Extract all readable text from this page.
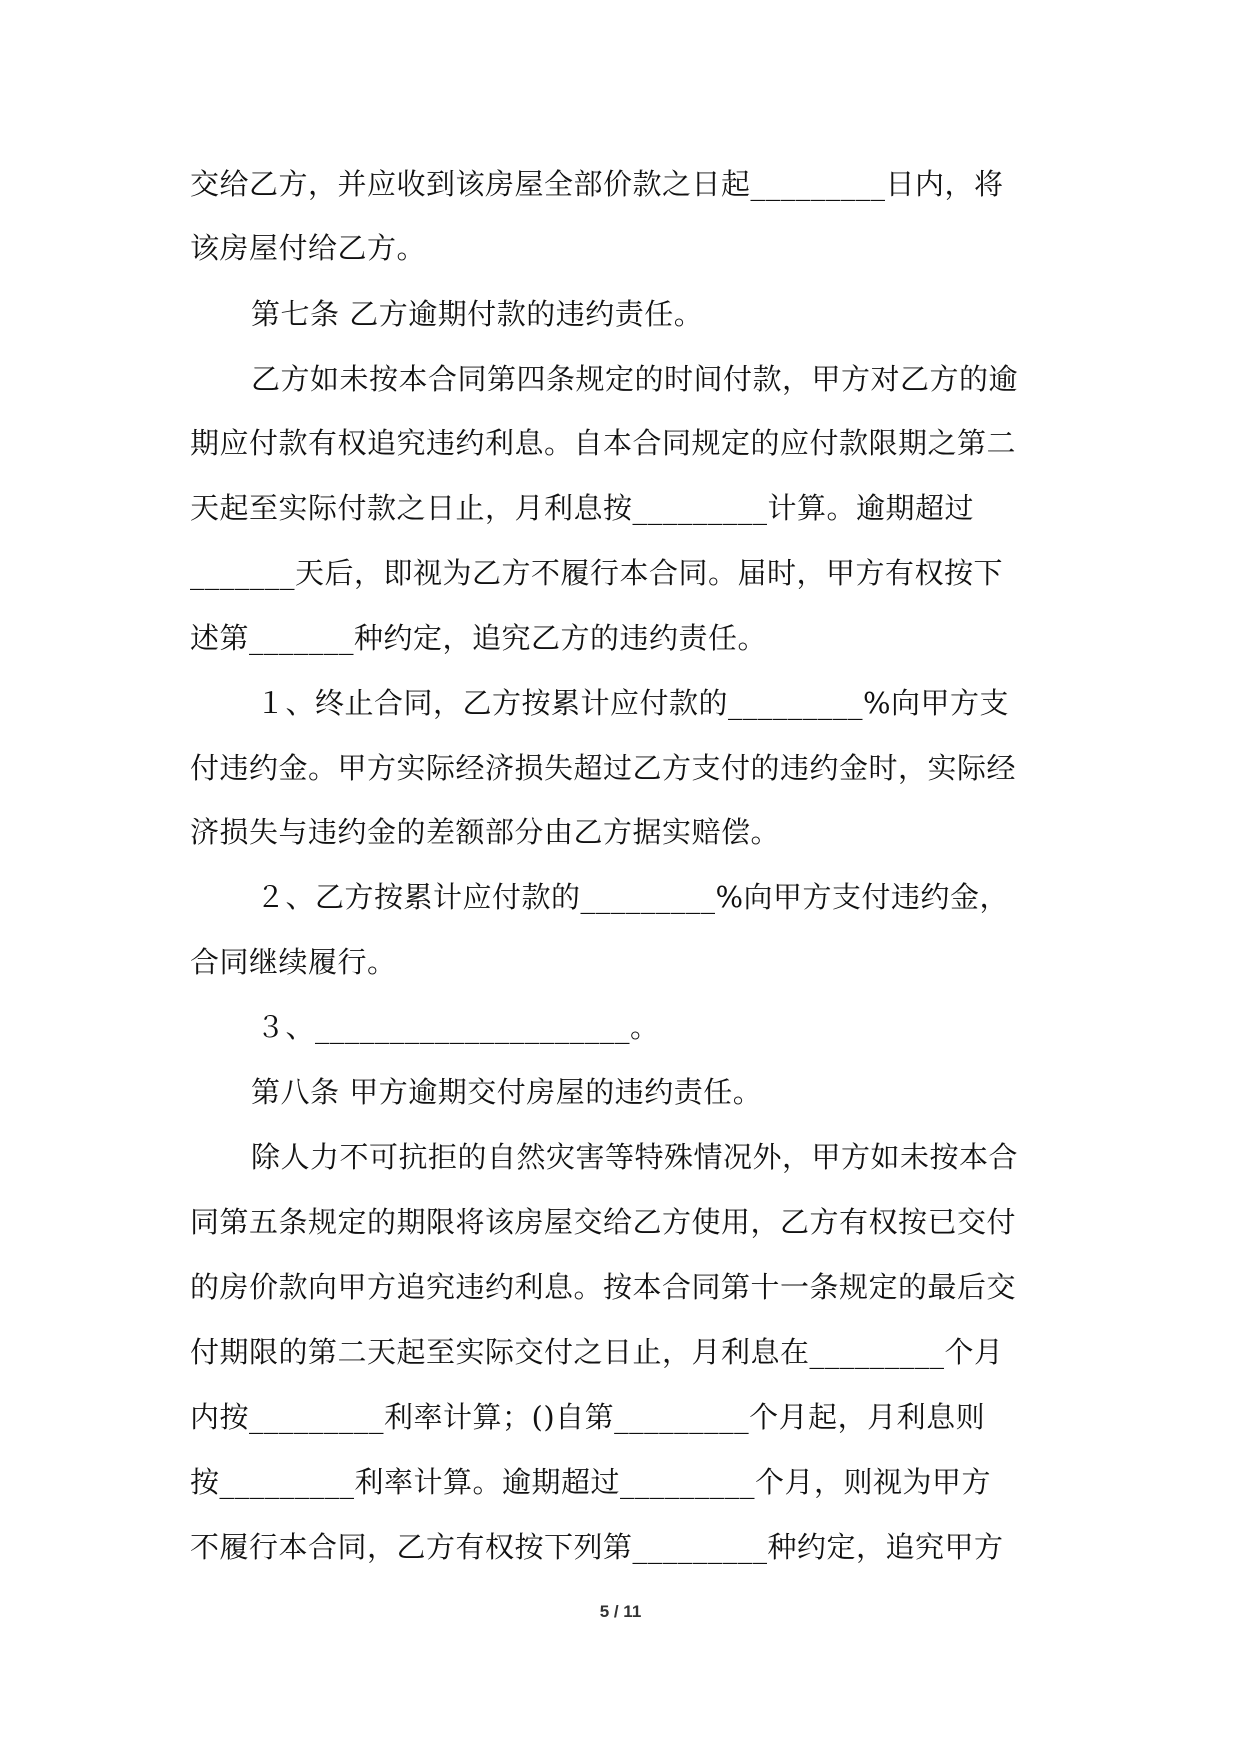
交给乙方，并应收到该房屋全部价款之日起_________日内，将
该房屋付给乙方。
第七条 乙方逾期付款的违约责任。
乙方如未按本合同第四条规定的时间付款，甲方对乙方的逾
期应付款有权追究违约利息。自本合同规定的应付款限期之第二
天起至实际付款之日止，月利息按_________计算。逾期超过
_______天后，即视为乙方不履行本合同。届时，甲方有权按下
述第_______种约定，追究乙方的违约责任。
１、终止合同，乙方按累计应付款的_________%向甲方支
付违约金。甲方实际经济损失超过乙方支付的违约金时，实际经
济损失与违约金的差额部分由乙方据实赔偿。
２、乙方按累计应付款的_________%向甲方支付违约金，
合同继续履行。
３、_____________________。
第八条 甲方逾期交付房屋的违约责任。
除人力不可抗拒的自然灾害等特殊情况外，甲方如未按本合
同第五条规定的期限将该房屋交给乙方使用，乙方有权按已交付
的房价款向甲方追究违约利息。按本合同第十一条规定的最后交
付期限的第二天起至实际交付之日止，月利息在_________个月
内按_________利率计算；()自第_________个月起，月利息则
按_________利率计算。逾期超过_________个月，则视为甲方
不履行本合同，乙方有权按下列第_________种约定，追究甲方
5 / 11
